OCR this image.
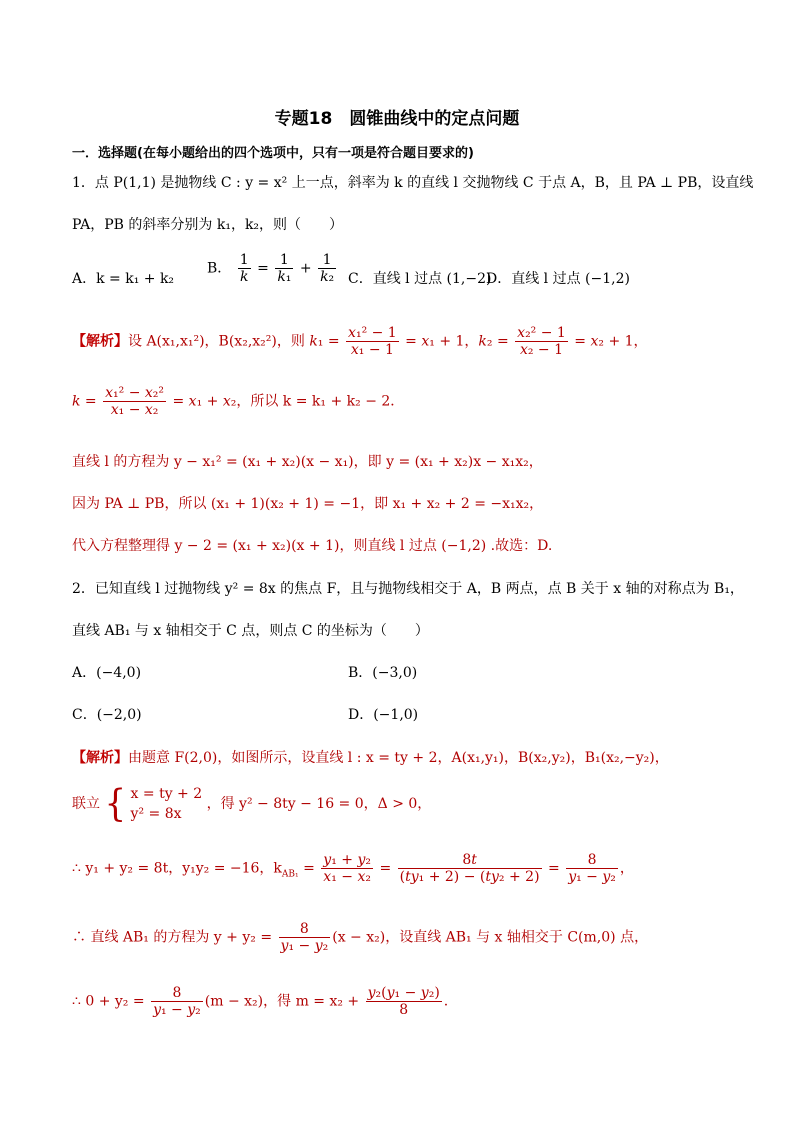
专题18　圆锥曲线中的定点问题
一．选择题(在每小题给出的四个选项中，只有一项是符合题目要求的)
1．点 P(1,1) 是抛物线 C : y = x² 上一点，斜率为 k 的直线 l 交抛物线 C 于点 A，B，且 PA ⊥ PB，设直线
PA，PB 的斜率分别为 k₁，k₂，则（　　）
A．k = k₁ + k₂
B． $\frac{1}{k} = \frac{1}{\text{k₁}} + \frac{1}{\text{k₂}}$ C．直线 l 过点 (1,−2)
D．直线 l 过点 (−1,2)
【解析】设 A(x₁,x₁²)，B(x₂,x₂²)，则 $k_1 = \frac{\text{x₁² − 1}}{\text{x₁ − 1}} = x_1 + 1$，$k_2 = \frac{\text{x₂² − 1}}{\text{x₂ − 1}} = x_2 + 1$，
$k = \frac{\text{x₁² − x₂²}}{\text{x₁ − x₂}} = x_1 + x_2$，所以 k = k₁ + k₂ − 2．
直线 l 的方程为 y − x₁² = (x₁ + x₂)(x − x₁)，即 y = (x₁ + x₂)x − x₁x₂，
因为 PA ⊥ PB，所以 (x₁ + 1)(x₂ + 1) = −1，即 x₁ + x₂ + 2 = −x₁x₂，
代入方程整理得 y − 2 = (x₁ + x₂)(x + 1)，则直线 l 过点 (−1,2) .故选：D.
2．已知直线 l 过抛物线 y² = 8x 的焦点 F，且与抛物线相交于 A，B 两点，点 B 关于 x 轴的对称点为 B₁，
直线 AB₁ 与 x 轴相交于 C 点，则点 C 的坐标为（　　）
A．(−4,0)	B．(−3,0)
C．(−2,0)	D．(−1,0)
【解析】由题意 F(2,0)，如图所示，设直线 l : x = ty + 2，A(x₁,y₁)，B(x₂,y₂)，B₁(x₂,−y₂)，
联立 { x = ty + 2
y² = 8x
，得 y² − 8ty − 16 = 0，Δ > 0，
∴ y₁ + y₂ = 8t，y₁y₂ = −16，$k_{AB_1} = \frac{\text{y₁ + y₂}}{\text{x₁ − x₂}} = \frac{8t}{\text{(ty₁ + 2) − (ty₂ + 2)}} = \frac{8}{\text{y₁ − y₂}}$ ，
∴ 直线 AB₁ 的方程为 $y + y_2 = \frac{8}{\text{y₁ − y₂}} (x - x_2)$，设直线 AB₁ 与 x 轴相交于 C(m,0) 点，
∴ $0 + y_2 = \frac{8}{\text{y₁ − y₂}} (m - x_2)$，得 $m = x_2 + \frac{\text{y₂(y₁ − y₂)}}{8}$ .
